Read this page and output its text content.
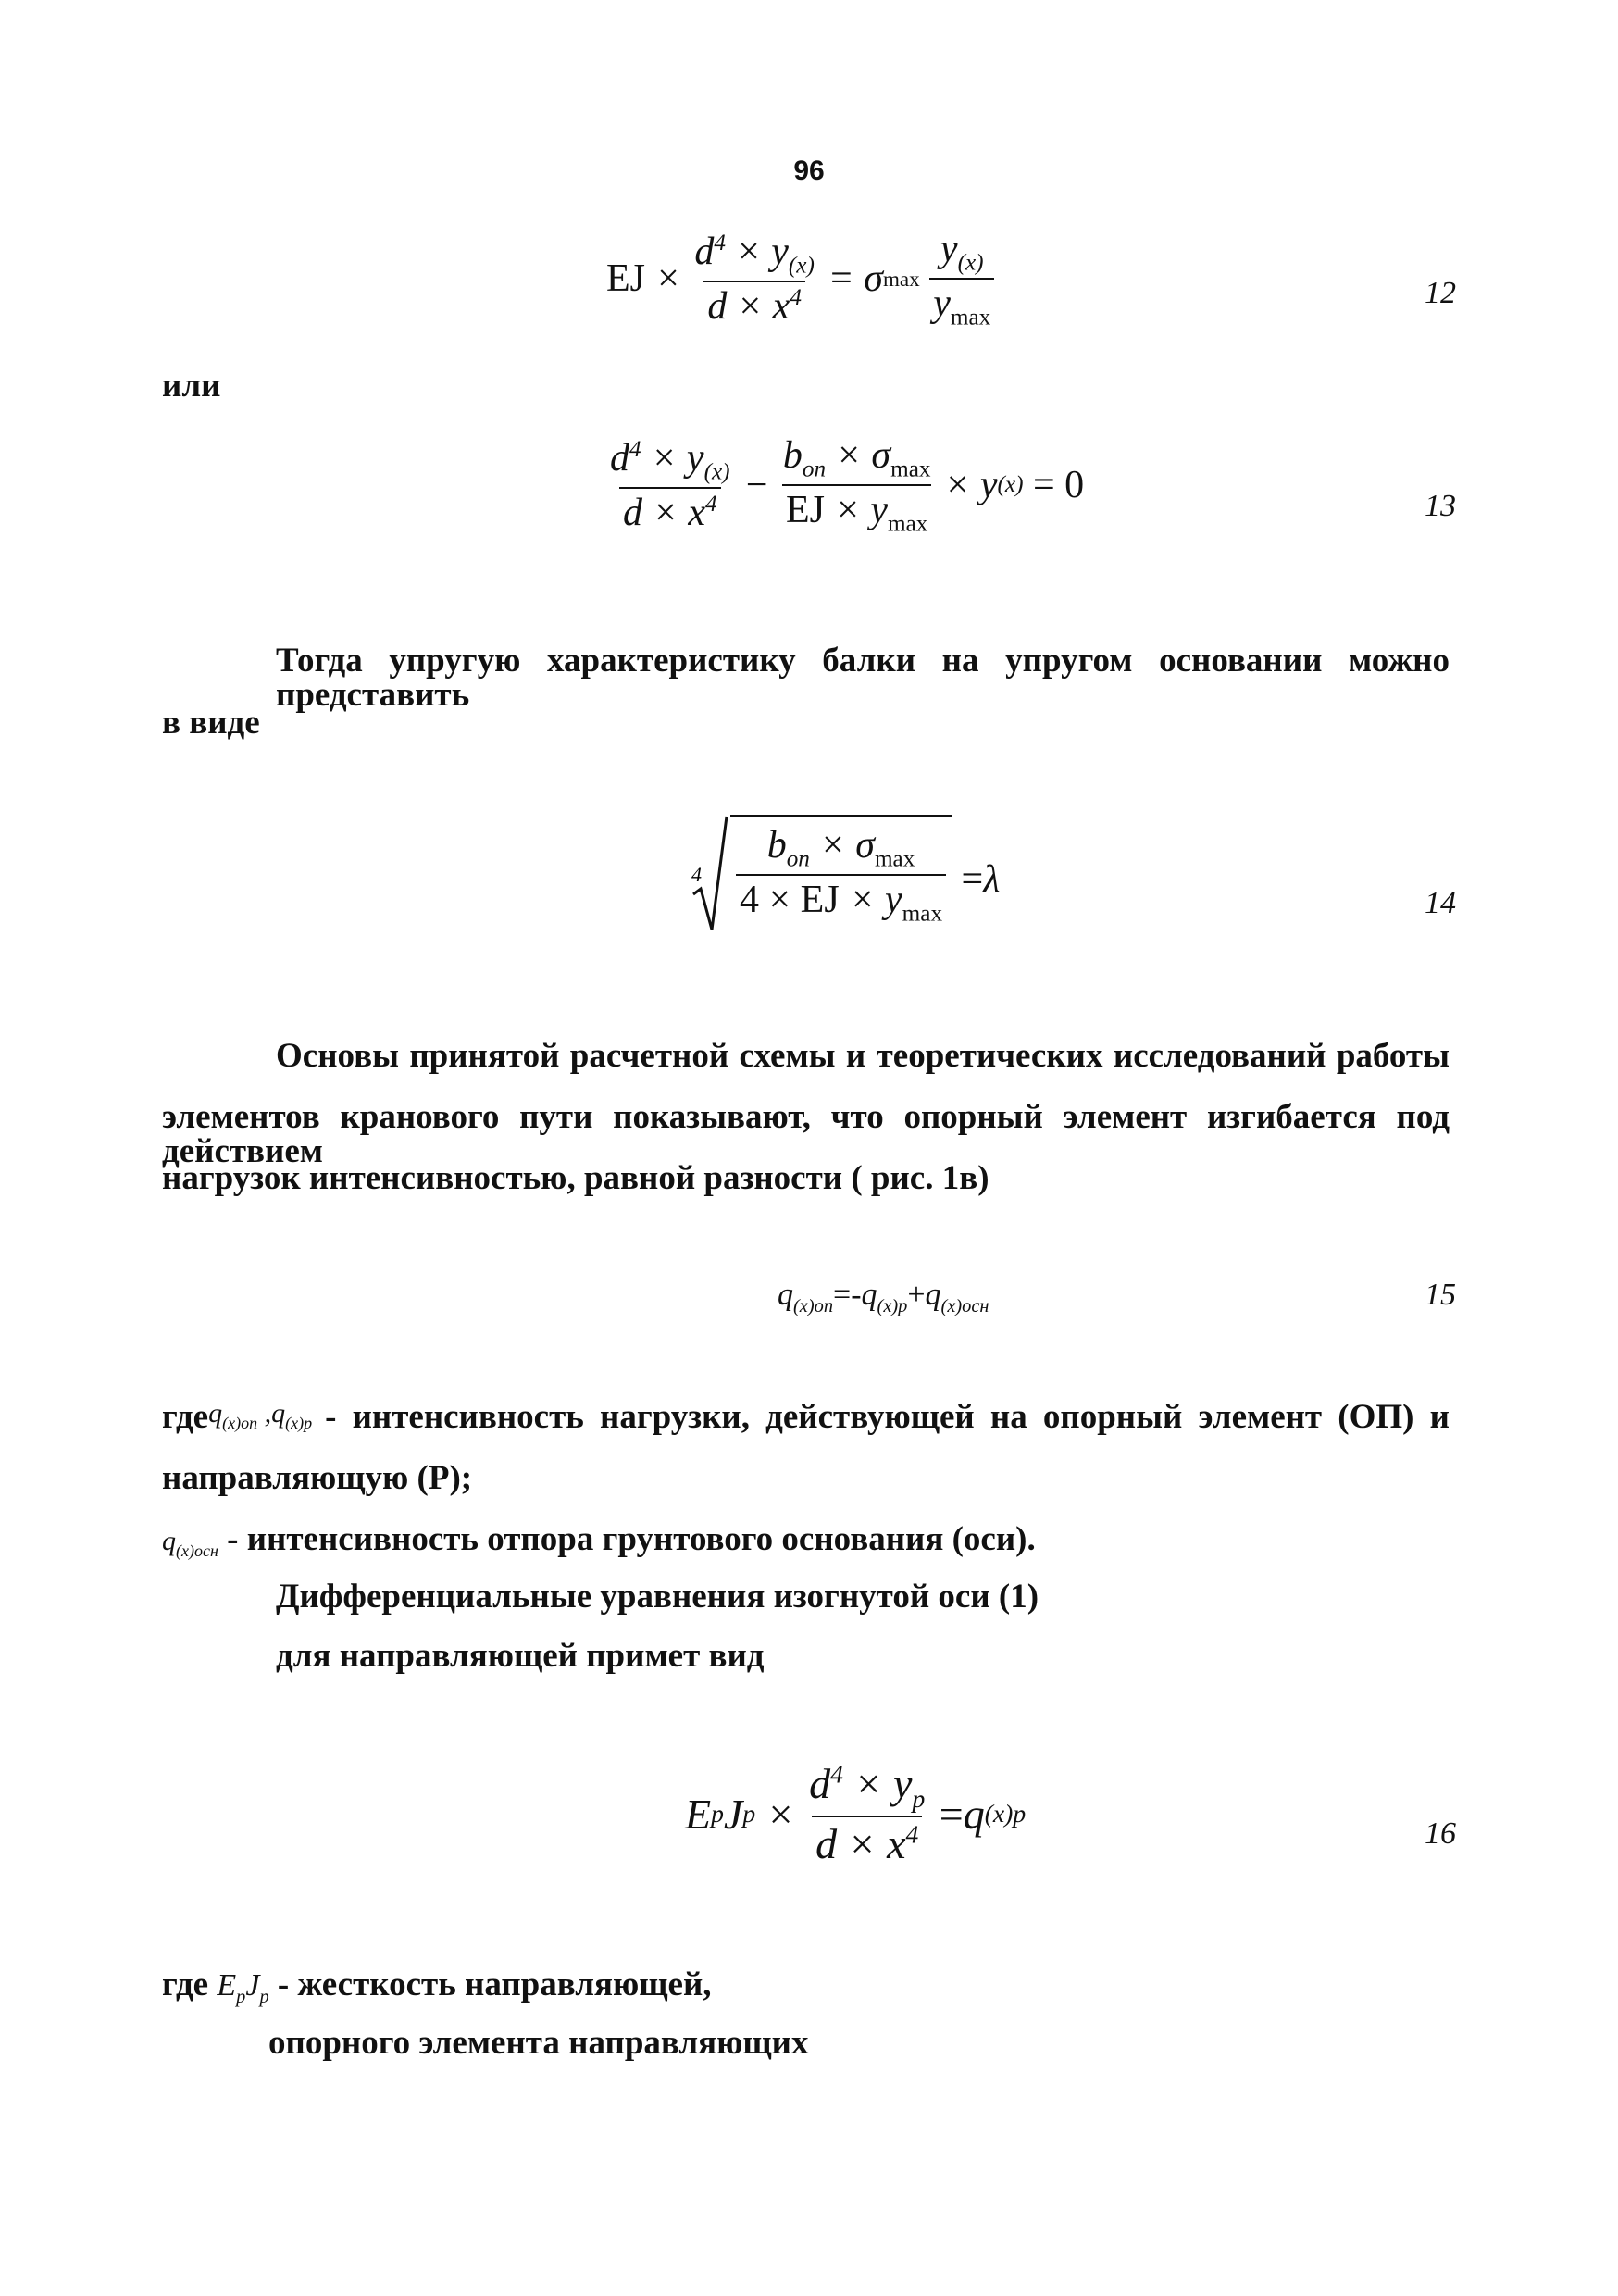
96
EJ × $\frac{d^4 \times y_{(x)}}{d \times x^4} = \sigma$ max
$\frac{y_{(x)}}{y_{max}}$	12
или
$\frac{d^4 \times y_{(x)}}{d \times x^4} - \frac{b_{on} \times \sigma_{max}}{EJ \times y_{max}} \times y$ (x)
= 0	13
Тогда упругую характеристику балки на упругом основании можно представить
в виде
$4 \frac{b_{on} \times \sigma_{max}}{4 \times EJ \times y_{max}}$
= λ
14
Основы принятой расчетной схемы и теоретических исследований работы
элементов кранового пути показывают, что опорный элемент изгибается под действием
нагрузок интенсивностью, равной разности ( рис. 1в)
$q_{(x)оп}=-q_{(x)р}+q_{(x)осн}$	15
где $q_{(x)оп}$ $,q_{(x)р}$ - интенсивность нагрузки, действующей на опорный элемент (ОП) и
направляющую (Р);
$q_{(x)осн}$ - интенсивность отпора грунтового основания (оси).
Дифференциальные уравнения изогнутой оси (1)
для направляющей примет вид
E p J $p \times \frac{d^4 \times y_p}{d \times x^4}$
= q (x)p
16
где $E_pJ_p$ - жесткость направляющей,
опорного элемента направляющих
